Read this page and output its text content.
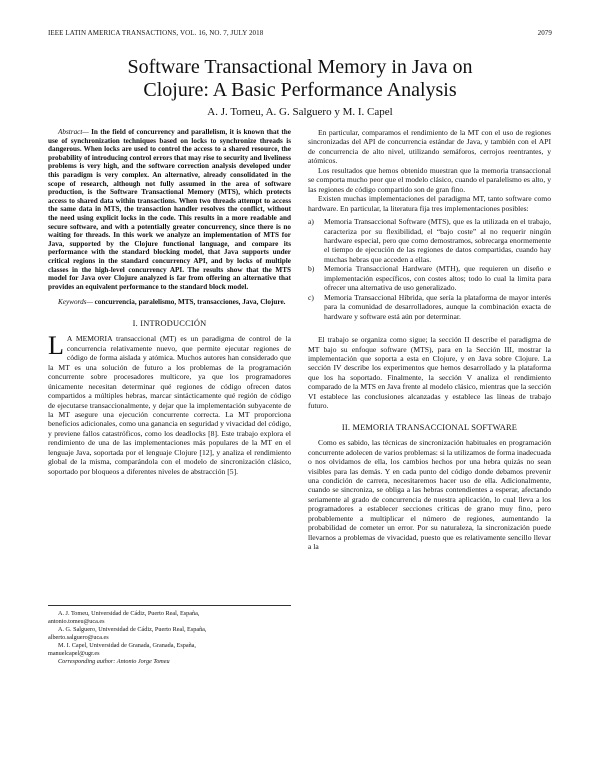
IEEE LATIN AMERICA TRANSACTIONS, VOL. 16, NO. 7, JULY 2018	2079
Software Transactional Memory in Java on
Clojure: A Basic Performance Analysis
A. J. Tomeu, A. G. Salguero y M. I. Capel

Abstract— In the field of concurrency and parallelism, it is known that the use of synchronization techniques based on locks to synchronize threads is dangerous. When locks are used to control the access to a shared resource, the probability of introducing control errors that may rise to security and liveliness problems is very high, and the software correction analysis developed under this paradigm is very complex. An alternative, already consolidated in the scope of research, although not fully assumed in the area of software production, is the Software Transactional Memory (MTS), which protects access to shared data within transactions. When two threads attempt to access the same data in MTS, the transaction handler resolves the conflict, without the need using explicit locks in the code. This results in a more readable and secure software, and with a potentially greater concurrency, since there is no waiting for threads. In this work we analyze an implementation of MTS for Java, supported by the Clojure functional language, and compare its performance with the standard blocking model, that Java supports under critical regions in the standard concurrency API, and by locks of multiple classes in the high-level concurrency API. The results show that the MTS model for Java over Clojure analyzed is far from offering an alternative that provides an equivalent performance to the standard block model.

Keywords— concurrencia, paralelismo, MTS, transacciones, Java, Clojure.

I. INTRODUCCIÓN

L A MEMORIA transaccional (MT) es un paradigma de control de la concurrencia relativamente nuevo, que permite ejecutar regiones de código de forma aislada y atómica. Muchos autores han considerado que la MT es una solución de futuro a los problemas de la programación concurrente sobre procesadores multicore, ya que los programadores únicamente necesitan determinar qué regiones de código ofrecen datos compartidos a múltiples hebras, marcar sintácticamente qué región de código de ejecutarse transaccionalmente, y dejar que la implementación subyacente de la MT asegure una ejecución concurrente correcta. La MT proporciona beneficios adicionales, como una ganancia en seguridad y vivacidad del código, y previene fallos catastróficos, como los deadlocks [8]. Este trabajo explora el rendimiento de una de las implementaciones más populares de la MT en el lenguaje Java, soportada por el lenguaje Clojure [12], y analiza el rendimiento global de la misma, comparándola con el modelo de sincronización clásico, soportado por bloqueos a diferentes niveles de abstracción [5].

A. J. Tomeu, Universidad de Cádiz, Puerto Real, España,

antonio.tomeu@uca.es

A. G. Salguero, Universidad de Cádiz, Puerto Real, España,

alberto.salguero@uca.es

M. I. Capel, Universidad de Granada, Granada, España,

manuelcapel@ugr.es

Corresponding author: Antonio Jorge Tomeu

En particular, comparamos el rendimiento de la MT con el uso de regiones sincronizadas del API de concurrencia estándar de Java, y también con el API de concurrencia de alto nivel, utilizando semáforos, cerrojos reentrantes, y atómicos.

Los resultados que hemos obtenido muestran que la memoria transaccional se comporta mucho peor que el modelo clásico, cuando el paralelismo es alto, y las regiones de código compartido son de gran fino.

Existen muchas implementaciones del paradigma MT, tanto software como hardware. En particular, la literatura fija tres implementaciones posibles:

a) Memoria Transaccional Software (MTS), que es la utilizada en el trabajo, caracteriza por su flexibilidad, el “bajo coste” al no requerir ningún hardware especial, pero que como demostramos, sobrecarga enormemente el tiempo de ejecución de las regiones de datos compartidas, cuando hay muchas hebras que acceden a ellas.
b) Memoria Transaccional Hardware (MTH), que requieren un diseño e implementación específicos, con costes altos; todo lo cual la limita para ofrecer una alternativa de uso generalizado.
c) Memoria Transaccional Híbrida, que sería la plataforma de mayor interés para la comunidad de desarrolladores, aunque la combinación exacta de hardware y software está aún por determinar.

El trabajo se organiza como sigue; la sección II describe el paradigma de MT bajo su enfoque software (MTS), para en la Sección III, mostrar la implementación que soporta a esta en Clojure, y en Java sobre Clojure. La sección IV describe los experimentos que hemos desarrollado y la plataforma que los ha soportado. Finalmente, la sección V analiza el rendimiento comparado de la MTS en Java frente al modelo clásico, mientras que la sección VI establece las conclusiones alcanzadas y establece las líneas de trabajo futuro.

II. MEMORIA TRANSACCIONAL SOFTWARE

Como es sabido, las técnicas de sincronización habituales en programación concurrente adolecen de varios problemas: si la utilizamos de forma inadecuada o nos olvidamos de ella, los cambios hechos por una hebra quizás no sean visibles para las demás. Y en cada punto del código donde debamos prevenir una condición de carrera, necesitaremos hacer uso de ella. Adicionalmente, cuando se sincroniza, se obliga a las hebras contendientes a esperar, afectando seriamente al grado de concurrencia de nuestra aplicación, lo cual lleva a los programadores a establecer secciones críticas de grano muy fino, pero probablemente a multiplicar el número de regiones, aumentando la probabilidad de cometer un error. Por su naturaleza, la sincronización puede llevarnos a problemas de vivacidad, puesto que es relativamente sencillo llevar a la
